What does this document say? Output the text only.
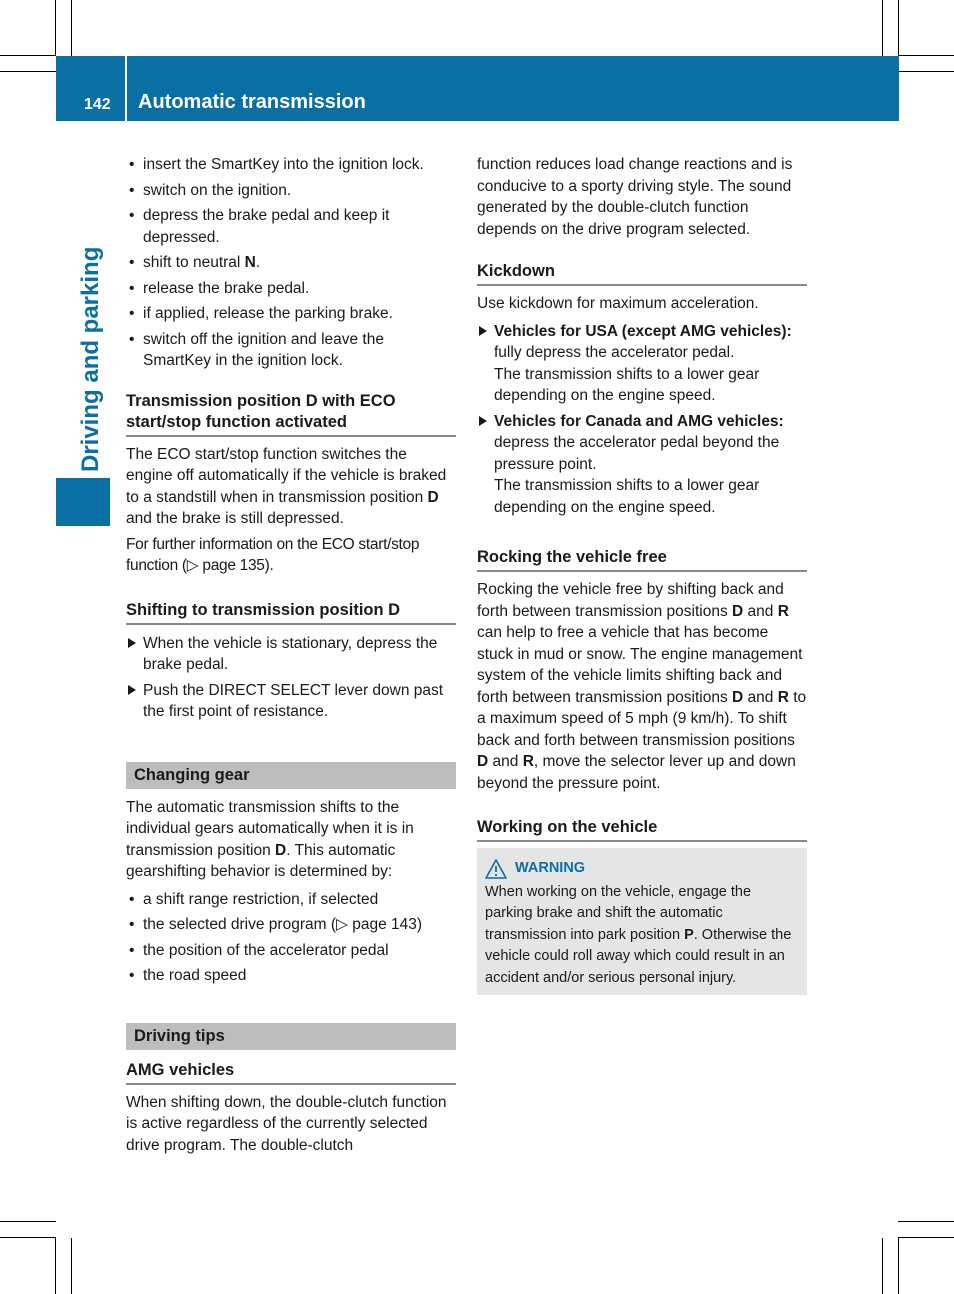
142 Automatic transmission
Driving and parking
• insert the SmartKey into the ignition lock.
• switch on the ignition.
• depress the brake pedal and keep it depressed.
• shift to neutral N.
• release the brake pedal.
• if applied, release the parking brake.
• switch off the ignition and leave the SmartKey in the ignition lock.
Transmission position D with ECO start/stop function activated

The ECO start/stop function switches the engine off automatically if the vehicle is braked to a standstill when in transmission position D and the brake is still depressed.

For further information on the ECO start/stop function (▷ page 135).

Shifting to transmission position D
When the vehicle is stationary, depress the brake pedal.
Push the DIRECT SELECT lever down past the first point of resistance.
Changing gear

The automatic transmission shifts to the individual gears automatically when it is in transmission position D. This automatic gearshifting behavior is determined by:

• a shift range restriction, if selected
• the selected drive program (▷ page 143)
• the position of the accelerator pedal
• the road speed
Driving tips
AMG vehicles

When shifting down, the double-clutch function is active regardless of the currently selected drive program. The double-clutch

function reduces load change reactions and is conducive to a sporty driving style. The sound generated by the double-clutch function depends on the drive program selected.

Kickdown

Use kickdown for maximum acceleration.

Vehicles for USA (except AMG vehicles): fully depress the accelerator pedal.
The transmission shifts to a lower gear depending on the engine speed.
Vehicles for Canada and AMG vehicles: depress the accelerator pedal beyond the pressure point.
The transmission shifts to a lower gear depending on the engine speed.
Rocking the vehicle free

Rocking the vehicle free by shifting back and forth between transmission positions D and R can help to free a vehicle that has become stuck in mud or snow. The engine management system of the vehicle limits shifting back and forth between transmission positions D and R to a maximum speed of 5 mph (9 km/h). To shift back and forth between transmission positions D and R, move the selector lever up and down beyond the pressure point.

Working on the vehicle
WARNING

When working on the vehicle, engage the parking brake and shift the automatic transmission into park position P. Otherwise the vehicle could roll away which could result in an accident and/or serious personal injury.
